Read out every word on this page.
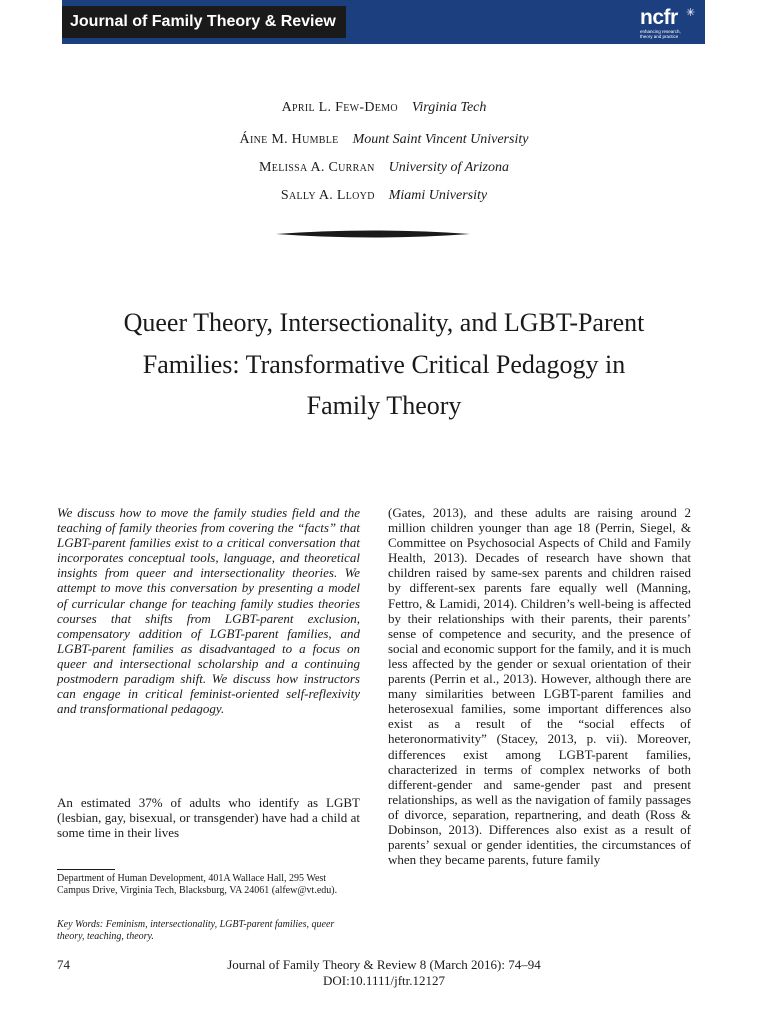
Journal of Family Theory & Review	ncfr ✳
enhancing research, theory and practice
April L. Few-Demo Virginia Tech
Áine M. Humble Mount Saint Vincent University
Melissa A. Curran University of Arizona
Sally A. Lloyd Miami University
Queer Theory, Intersectionality, and LGBT-Parent
Families: Transformative Critical Pedagogy in
Family Theory
We discuss how to move the family studies field and the teaching of family theories from covering the “facts” that LGBT-parent families exist to a critical conversation that incorporates conceptual tools, language, and theoretical insights from queer and intersectionality theories. We attempt to move this conversation by presenting a model of curricular change for teaching family studies theories courses that shifts from LGBT-parent exclusion, compensatory addition of LGBT-parent families, and LGBT-parent families as disadvantaged to a focus on queer and intersectional scholarship and a continuing postmodern paradigm shift. We discuss how instructors can engage in critical feminist-oriented self-reflexivity and transformational pedagogy.
An estimated 37% of adults who identify as LGBT (lesbian, gay, bisexual, or transgender) have had a child at some time in their lives
Department of Human Development, 401A Wallace Hall, 295 West Campus Drive, Virginia Tech, Blacksburg, VA 24061 (alfew@vt.edu).
Key Words: Feminism, intersectionality, LGBT-parent families, queer theory, teaching, theory.
(Gates, 2013), and these adults are raising around 2 million children younger than age 18 (Perrin, Siegel, & Committee on Psychosocial Aspects of Child and Family Health, 2013). Decades of research have shown that children raised by same-sex parents and children raised by different-sex parents fare equally well (Manning, Fettro, & Lamidi, 2014). Children’s well-being is affected by their relationships with their parents, their parents’ sense of competence and security, and the presence of social and economic support for the family, and it is much less affected by the gender or sexual orientation of their parents (Perrin et al., 2013). However, although there are many similarities between LGBT-parent families and heterosexual families, some important differences also exist as a result of the “social effects of heteronormativity” (Stacey, 2013, p. vii). Moreover, differences exist among LGBT-parent families, characterized in terms of complex networks of both different-gender and same-gender past and present relationships, as well as the navigation of family passages of divorce, separation, repartnering, and death (Ross & Dobinson, 2013). Differences also exist as a result of parents’ sexual or gender identities, the circumstances of when they became parents, future family
74	Journal of Family Theory & Review 8 (March 2016): 74–94
DOI:10.1111/jftr.12127
